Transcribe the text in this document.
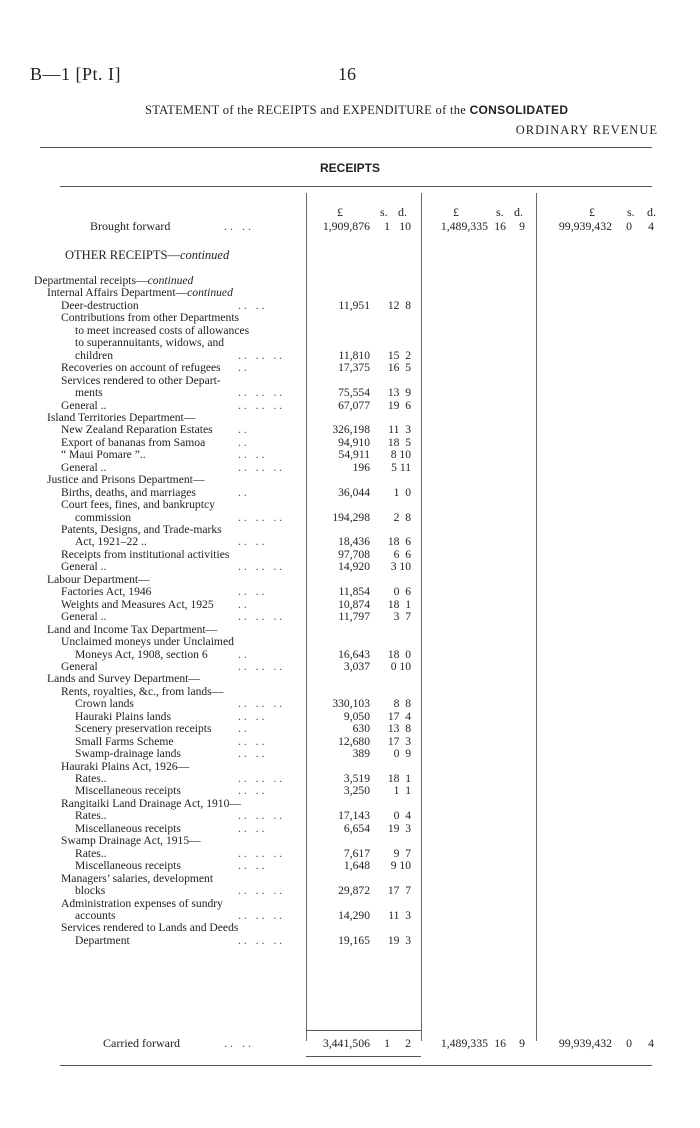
B—1 [Pt. I]	16
STATEMENT of the RECEIPTS and EXPENDITURE of the CONSOLIDATED
ORDINARY REVENUE
RECEIPTS
£	s. d.	£	s. d.	£	s. d.
Brought forward	.. ..	1,909,876 1 10	1,489,335 16 9	99,939,432 0 4
OTHER RECEIPTS—continued
Departmental receipts—continued
Internal Affairs Department—continued
Deer-destruction	.. ..	11,951 12  8
Contributions from other Departments
to meet increased costs of allowances
to superannuitants, widows, and
children	.. .. ..	11,810 15  2
Recoveries on account of refugees ..	17,375 16  5
Services rendered to other Depart-
ments	.. .. ..	75,554 13  9
General ..	.. .. ..	67,077 19  6
Island Territories Department—
New Zealand Reparation Estates ..	326,198 11  3
Export of bananas from Samoa	..	94,910 18  5
“ Maui Pomare ”..	.. ..	54,911 8 10
General ..	.. .. ..	196 5 11
Justice and Prisons Department—
Births, deaths, and marriages	..	36,044 1  0
Court fees, fines, and bankruptcy
commission	.. .. ..	194,298 2  8
Patents, Designs, and Trade-marks
Act, 1921–22 ..	.. ..	18,436 18  6
Receipts from institutional activities	97,708 6  6
General ..	.. .. ..	14,920 3 10
Labour Department—
Factories Act, 1946	.. ..	11,854 0  6
Weights and Measures Act, 1925 ..	10,874 18  1
General ..	.. .. ..	11,797 3  7
Land and Income Tax Department—
Unclaimed moneys under Unclaimed
Moneys Act, 1908, section 6	..	16,643 18  0
General	.. .. ..	3,037 0 10
Lands and Survey Department—
Rents, royalties, &c., from lands—
Crown lands	.. .. ..	330,103 8  8
Hauraki Plains lands	.. ..	9,050 17  4
Scenery preservation receipts ..	630 13  8
Small Farms Scheme	.. ..	12,680 17  3
Swamp-drainage lands	.. ..	389 0  9
Hauraki Plains Act, 1926—
Rates..	.. .. ..	3,519 18  1
Miscellaneous receipts	.. ..	3,250 1  1
Rangitaiki Land Drainage Act, 1910—
Rates..	.. .. ..	17,143 0  4
Miscellaneous receipts	.. ..	6,654 19  3
Swamp Drainage Act, 1915—
Rates..	.. .. ..	7,617 9  7
Miscellaneous receipts	.. ..	1,648 9 10
Managers’ salaries, development
blocks	.. .. ..	29,872 17  7
Administration expenses of sundry
accounts	.. .. ..	14,290 11  3
Services rendered to Lands and Deeds
Department	.. .. ..	19,165 19  3
Carried forward	.. ..	3,441,506 1 2	1,489,335 16 9	99,939,432 0 4
